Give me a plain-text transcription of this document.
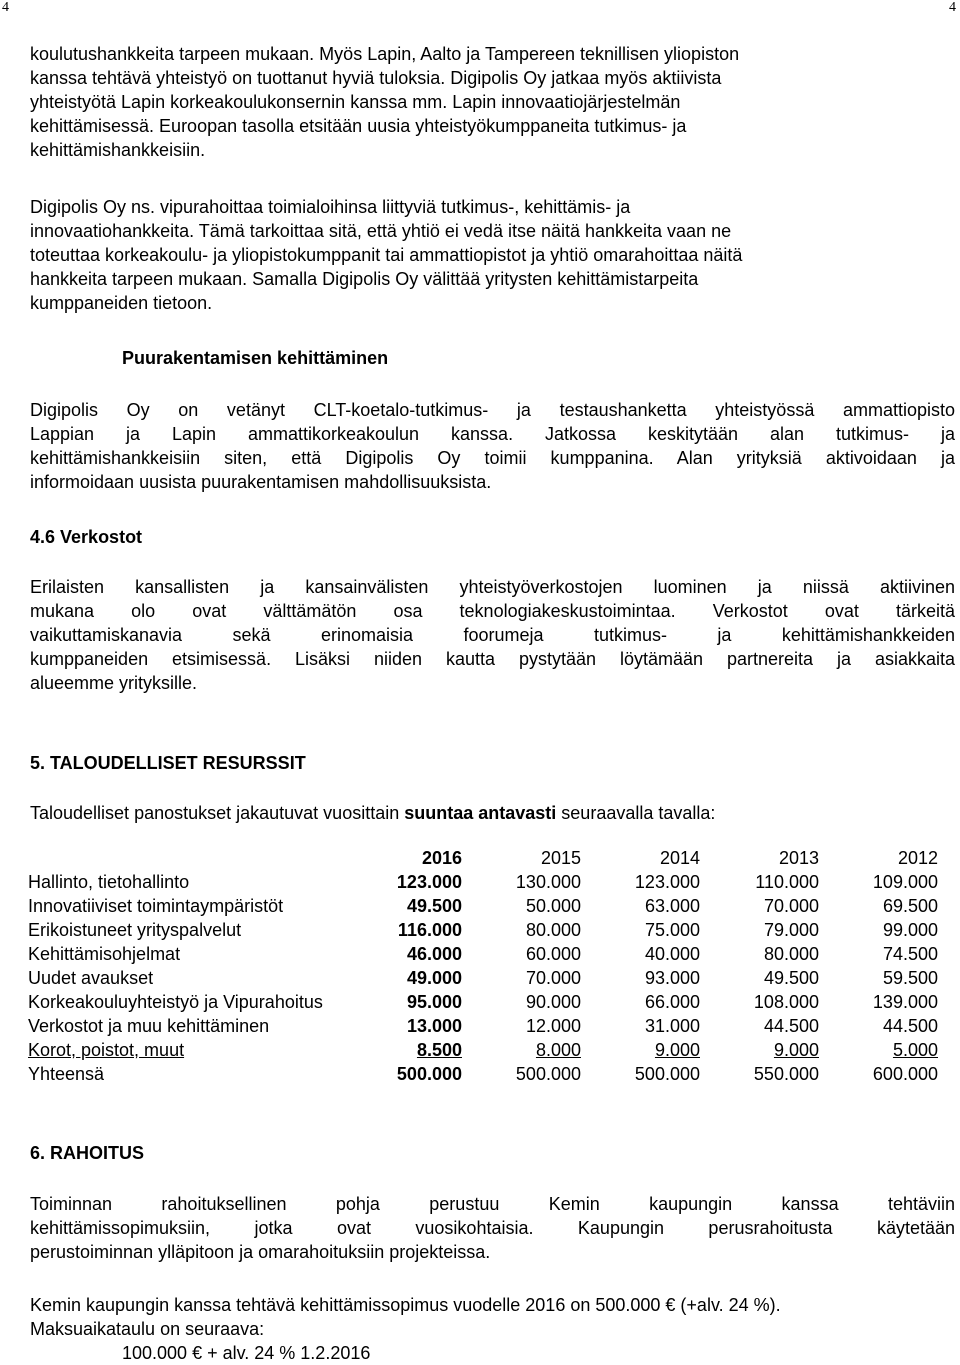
4	4
koulutushankkeita tarpeen mukaan. Myös Lapin, Aalto ja Tampereen teknillisen yliopiston
kanssa tehtävä yhteistyö on tuottanut hyviä tuloksia. Digipolis Oy jatkaa myös aktiivista
yhteistyötä Lapin korkeakoulukonsernin kanssa mm. Lapin innovaatiojärjestelmän
kehittämisessä. Euroopan tasolla etsitään uusia yhteistyökumppaneita tutkimus- ja
kehittämishankkeisiin.
Digipolis Oy ns. vipurahoittaa toimialoihinsa liittyviä tutkimus-, kehittämis- ja
innovaatiohankkeita. Tämä tarkoittaa sitä, että yhtiö ei vedä itse näitä hankkeita vaan ne
toteuttaa korkeakoulu- ja yliopistokumppanit tai ammattiopistot ja yhtiö omarahoittaa näitä
hankkeita tarpeen mukaan. Samalla Digipolis Oy välittää yritysten kehittämistarpeita
kumppaneiden tietoon.
Puurakentamisen kehittäminen
Digipolis Oy on vetänyt CLT-koetalo-tutkimus- ja testaushanketta yhteistyössä ammattiopisto
Lappian ja Lapin ammattikorkeakoulun kanssa. Jatkossa keskitytään alan tutkimus- ja
kehittämishankkeisiin siten, että Digipolis Oy toimii kumppanina. Alan yrityksiä aktivoidaan ja
informoidaan uusista puurakentamisen mahdollisuuksista.
4.6 Verkostot
Erilaisten kansallisten ja kansainvälisten yhteistyöverkostojen luominen ja niissä aktiivinen
mukana olo ovat välttämätön osa teknologiakeskustoimintaa. Verkostot ovat tärkeitä
vaikuttamiskanavia sekä erinomaisia foorumeja tutkimus- ja kehittämishankkeiden
kumppaneiden etsimisessä. Lisäksi niiden kautta pystytään löytämään partnereita ja asiakkaita
alueemme yrityksille.
5. TALOUDELLISET RESURSSIT
Taloudelliset panostukset jakautuvat vuosittain suuntaa antavasti seuraavalla tavalla:
	2016	2015	2014	2013	2012
Hallinto, tietohallinto	123.000	130.000	123.000	110.000	109.000
Innovatiiviset toimintaympäristöt	49.500	50.000	63.000	70.000	69.500
Erikoistuneet yrityspalvelut	116.000	80.000	75.000	79.000	99.000
Kehittämisohjelmat	46.000	60.000	40.000	80.000	74.500
Uudet avaukset	49.000	70.000	93.000	49.500	59.500
Korkeakouluyhteistyö ja Vipurahoitus	95.000	90.000	66.000	108.000	139.000
Verkostot ja muu kehittäminen	13.000	12.000	31.000	44.500	44.500
Korot, poistot, muut	8.500	8.000	9.000	9.000	5.000
Yhteensä	500.000	500.000	500.000	550.000	600.000
6. RAHOITUS
Toiminnan rahoituksellinen pohja perustuu Kemin kaupungin kanssa tehtäviin
kehittämissopimuksiin, jotka ovat vuosikohtaisia. Kaupungin perusrahoitusta käytetään
perustoiminnan ylläpitoon ja omarahoituksiin projekteissa.
Kemin kaupungin kanssa tehtävä kehittämissopimus vuodelle 2016 on 500.000 € (+alv. 24 %).
Maksuaikataulu on seuraava:
100.000 € + alv. 24 % 1.2.2016
